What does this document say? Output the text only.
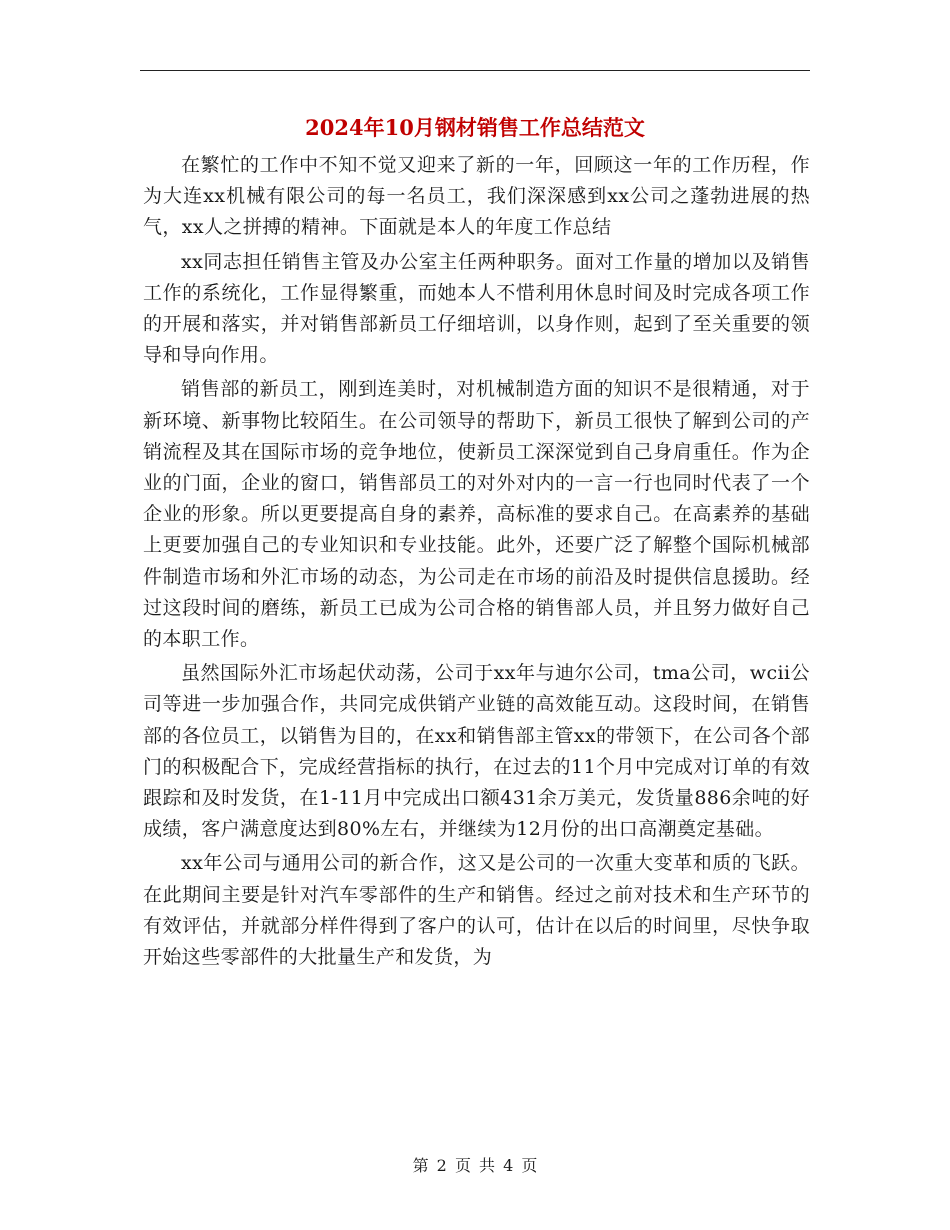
2024年10月钢材销售工作总结范文

在繁忙的工作中不知不觉又迎来了新的一年，回顾这一年的工作历程，作为大连xx机械有限公司的每一名员工，我们深深感到xx公司之蓬勃进展的热气，xx人之拼搏的精神。下面就是本人的年度工作总结

xx同志担任销售主管及办公室主任两种职务。面对工作量的增加以及销售工作的系统化，工作显得繁重，而她本人不惜利用休息时间及时完成各项工作的开展和落实，并对销售部新员工仔细培训，以身作则，起到了至关重要的领导和导向作用。

销售部的新员工，刚到连美时，对机械制造方面的知识不是很精通，对于新环境、新事物比较陌生。在公司领导的帮助下，新员工很快了解到公司的产销流程及其在国际市场的竞争地位，使新员工深深觉到自己身肩重任。作为企业的门面，企业的窗口，销售部员工的对外对内的一言一行也同时代表了一个企业的形象。所以更要提高自身的素养，高标准的要求自己。在高素养的基础上更要加强自己的专业知识和专业技能。此外，还要广泛了解整个国际机械部件制造市场和外汇市场的动态，为公司走在市场的前沿及时提供信息援助。经过这段时间的磨练，新员工已成为公司合格的销售部人员，并且努力做好自己的本职工作。

虽然国际外汇市场起伏动荡，公司于xx年与迪尔公司，tma公司，wcii公司等进一步加强合作，共同完成供销产业链的高效能互动。这段时间，在销售部的各位员工，以销售为目的，在xx和销售部主管xx的带领下，在公司各个部门的积极配合下，完成经营指标的执行，在过去的11个月中完成对订单的有效跟踪和及时发货，在1-11月中完成出口额431余万美元，发货量886余吨的好成绩，客户满意度达到80%左右，并继续为12月份的出口高潮奠定基础。

xx年公司与通用公司的新合作，这又是公司的一次重大变革和质的飞跃。在此期间主要是针对汽车零部件的生产和销售。经过之前对技术和生产环节的有效评估，并就部分样件得到了客户的认可，估计在以后的时间里，尽快争取开始这些零部件的大批量生产和发货，为

第 2 页 共 4 页
